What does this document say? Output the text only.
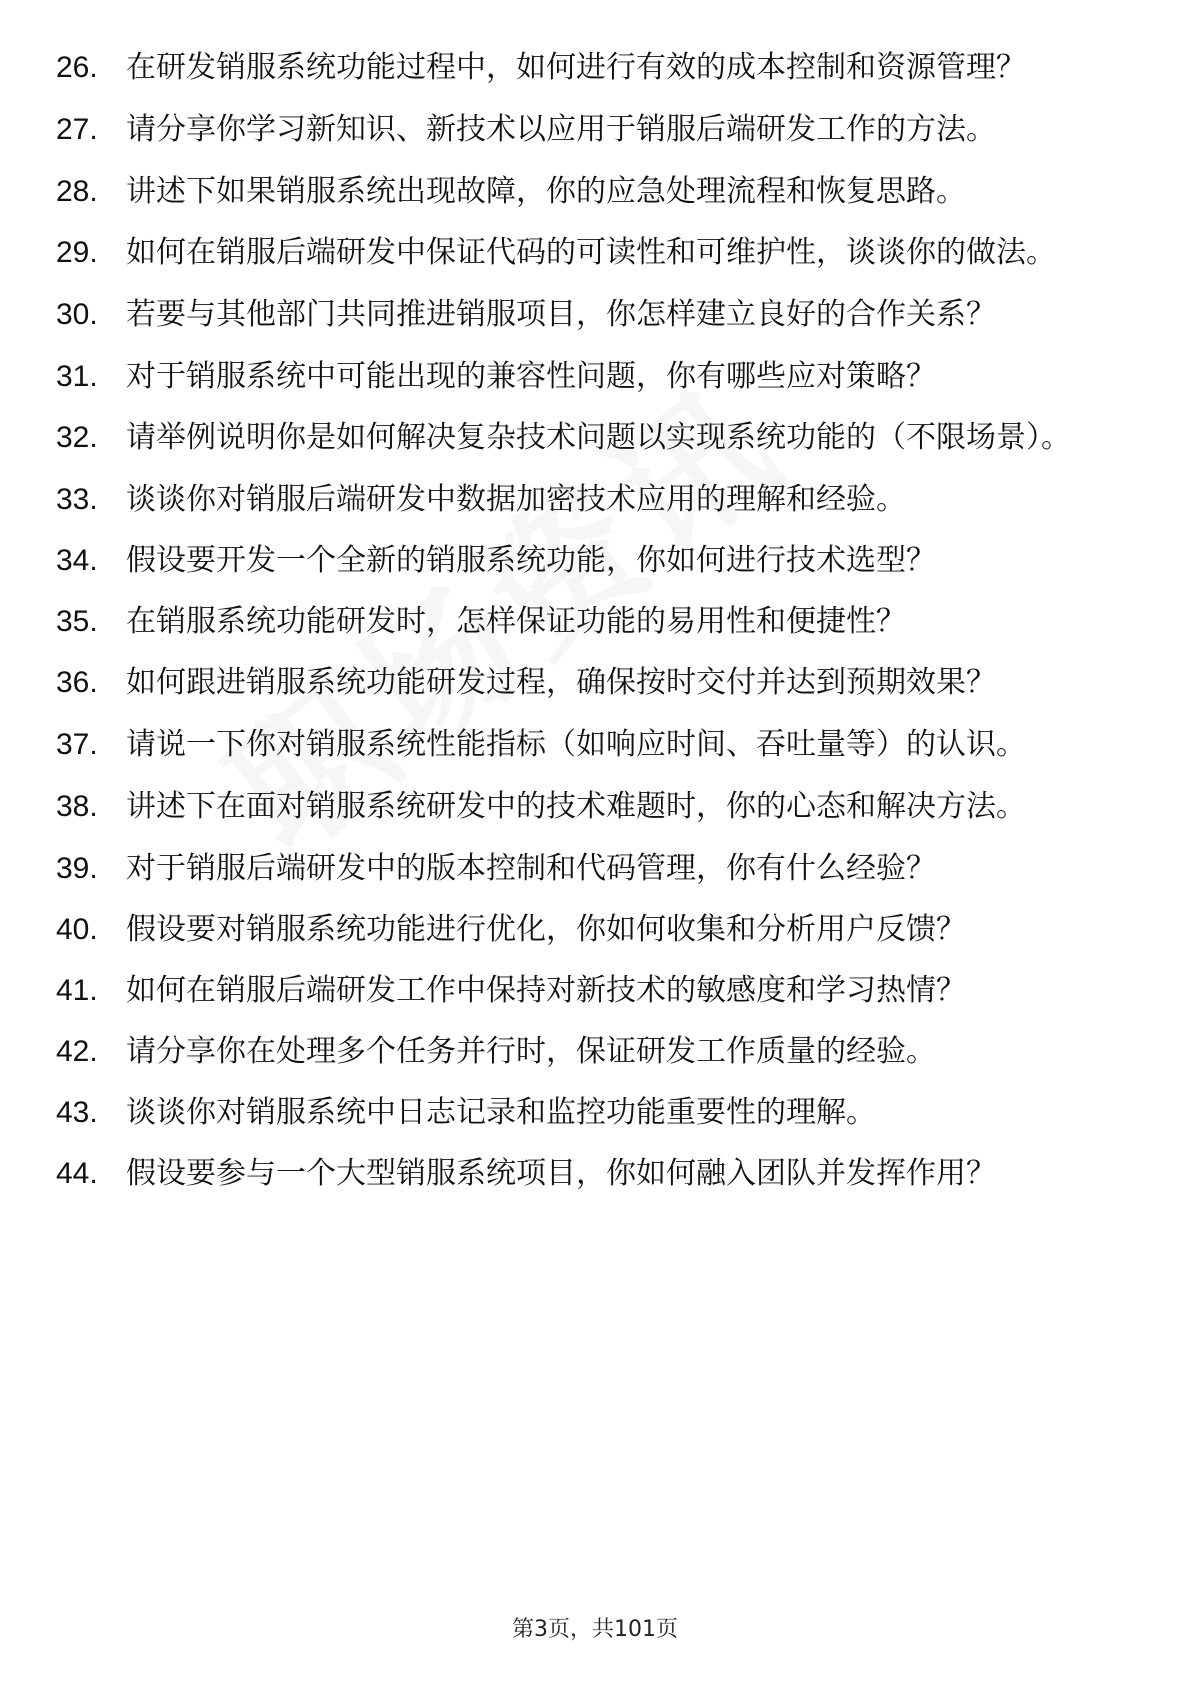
26. 在研发销服系统功能过程中，如何进行有效的成本控制和资源管理？
27. 请分享你学习新知识、新技术以应用于销服后端研发工作的方法。
28. 讲述下如果销服系统出现故障，你的应急处理流程和恢复思路。
29. 如何在销服后端研发中保证代码的可读性和可维护性，谈谈你的做法。
30. 若要与其他部门共同推进销服项目，你怎样建立良好的合作关系？
31. 对于销服系统中可能出现的兼容性问题，你有哪些应对策略？
32. 请举例说明你是如何解决复杂技术问题以实现系统功能的（不限场景）。
33. 谈谈你对销服后端研发中数据加密技术应用的理解和经验。
34. 假设要开发一个全新的销服系统功能，你如何进行技术选型？
35. 在销服系统功能研发时，怎样保证功能的易用性和便捷性？
36. 如何跟进销服系统功能研发过程，确保按时交付并达到预期效果？
37. 请说一下你对销服系统性能指标（如响应时间、吞吐量等）的认识。
38. 讲述下在面对销服系统研发中的技术难题时，你的心态和解决方法。
39. 对于销服后端研发中的版本控制和代码管理，你有什么经验？
40. 假设要对销服系统功能进行优化，你如何收集和分析用户反馈？
41. 如何在销服后端研发工作中保持对新技术的敏感度和学习热情？
42. 请分享你在处理多个任务并行时，保证研发工作质量的经验。
43. 谈谈你对销服系统中日志记录和监控功能重要性的理解。
44. 假设要参与一个大型销服系统项目，你如何融入团队并发挥作用？
第3页，共101页
